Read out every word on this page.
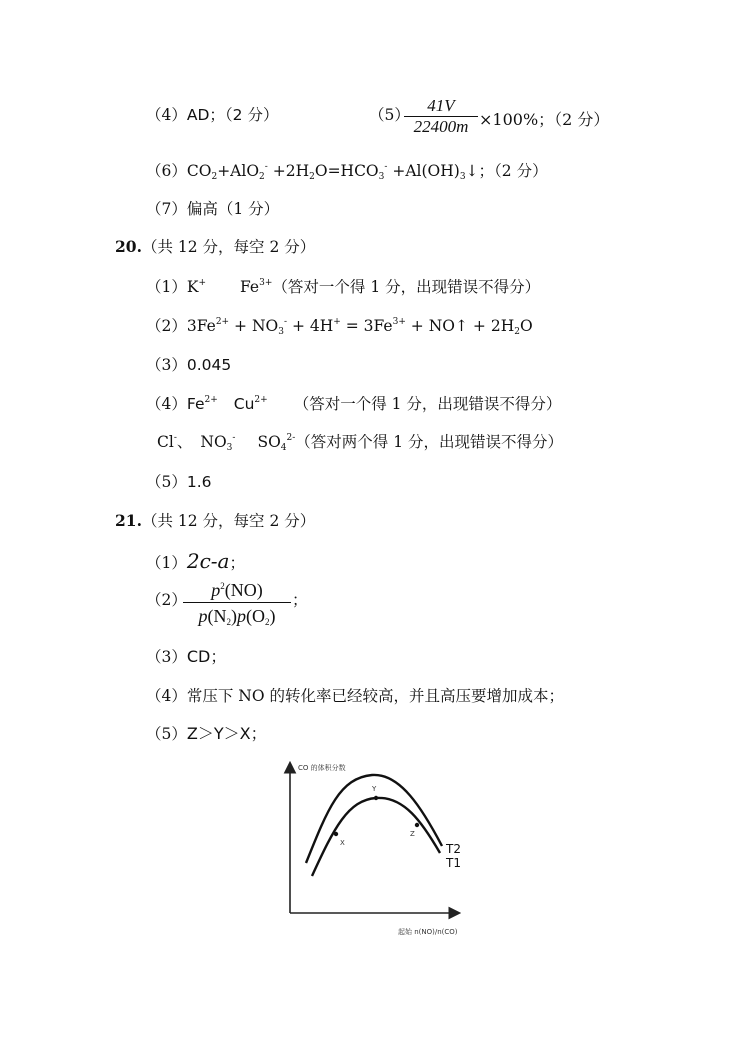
（4）AD；（2 分）	（5）	41V
22400m ×100%；（2 分）
$(6)CO_2+AlO_2^- +2H_2O=HCO_3^-$ $+Al(OH)_3↓$；（2 分）
（7）偏高（1 分）
20.（共 12 分，每空 2 分）
（1）K+ $Fe^{3+}$（答对一个得 1 分，出现错误不得分）
$(2)3Fe^{2+} + NO_3^- + 4H^+ = 3Fe^{3+}$ + NO↑ + $2H_2O$
（3）0.045
$(4)Fe^{2+}$ $Cu^{2+}$ （答对一个得 1 分，出现错误不得分）
Cl-、 $NO_3^-$ $SO_4^{2-}$（答对两个得 1 分，出现错误不得分）
（5）1.6
21.（共 12 分，每空 2 分）
（1）2c-a；
（2）	$p^2(NO)$
$p(N_2)p(O_2)$
；
（3）CD；
（4）常压下 NO 的转化率已经较高，并且高压要增加成本；
（5）Z＞Y＞X；
CO 的体积分数
起始 n(NO)/n(CO)
T2
T1
X
Y
Z
